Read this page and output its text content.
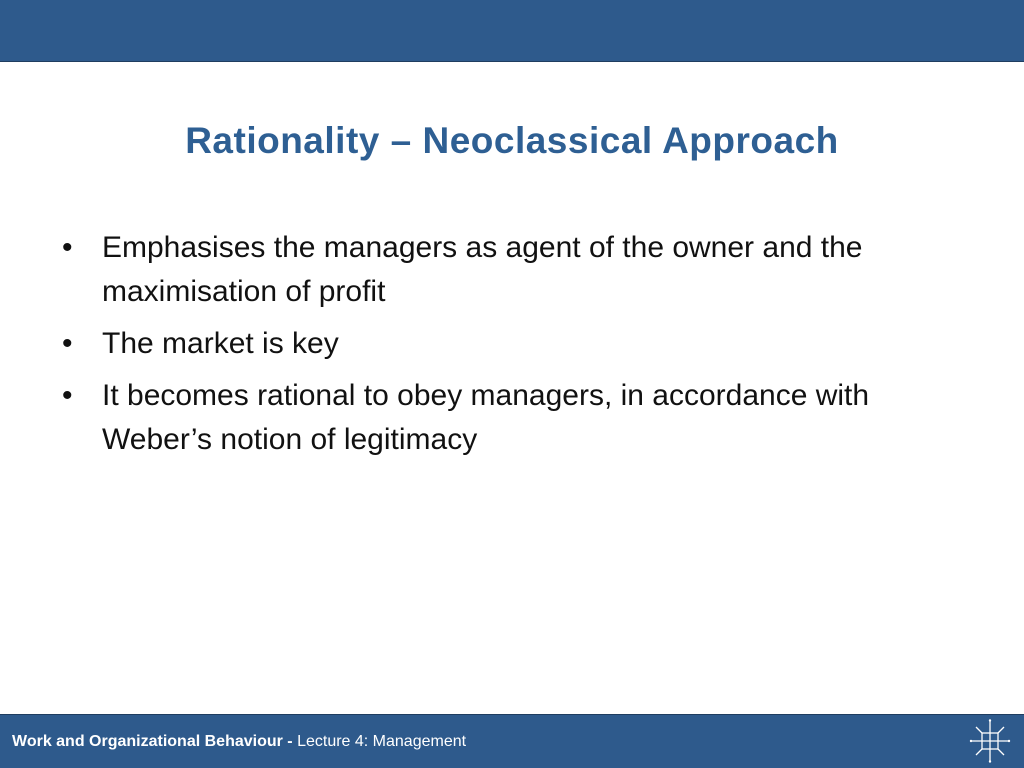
Rationality – Neoclassical Approach
• Emphasises the managers as agent of the owner and the maximisation of profit
• The market is key
• It becomes rational to obey managers, in accordance with Weber’s notion of legitimacy
Work and Organizational Behaviour - Lecture 4: Management
